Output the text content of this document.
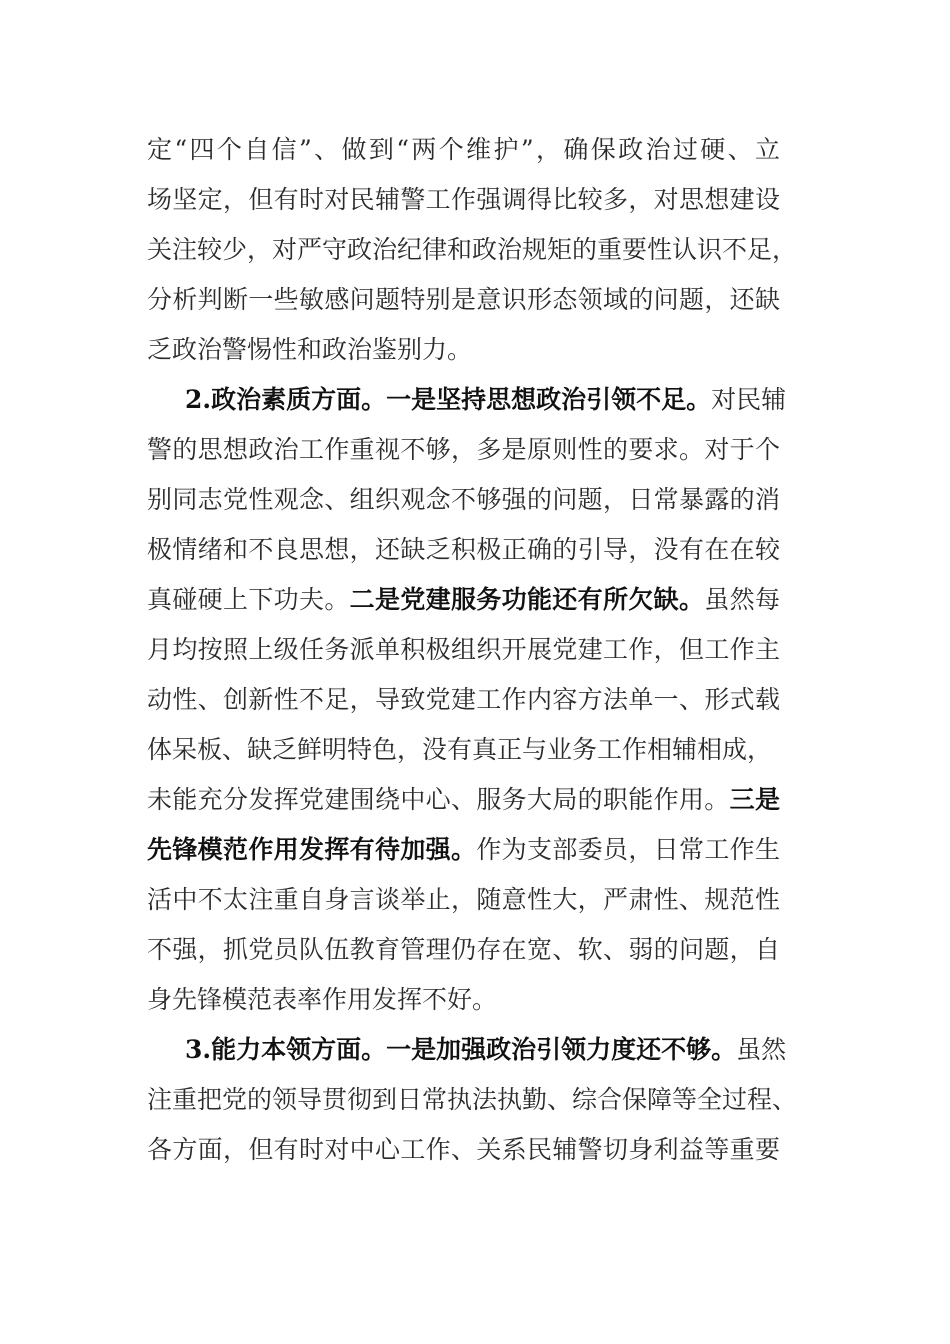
定“四个自信”、做到“两个维护”，确保政治过硬、立
场坚定，但有时对民辅警工作强调得比较多，对思想建设
关注较少，对严守政治纪律和政治规矩的重要性认识不足，
分析判断一些敏感问题特别是意识形态领域的问题，还缺
乏政治警惕性和政治鉴别力。
2.政治素质方面。一是坚持思想政治引领不足。对民辅
警的思想政治工作重视不够，多是原则性的要求。对于个
别同志党性观念、组织观念不够强的问题，日常暴露的消
极情绪和不良思想，还缺乏积极正确的引导，没有在在较
真碰硬上下功夫。二是党建服务功能还有所欠缺。虽然每
月均按照上级任务派单积极组织开展党建工作，但工作主
动性、创新性不足，导致党建工作内容方法单一、形式载
体呆板、缺乏鲜明特色，没有真正与业务工作相辅相成，
未能充分发挥党建围绕中心、服务大局的职能作用。三是
先锋模范作用发挥有待加强。作为支部委员，日常工作生
活中不太注重自身言谈举止，随意性大，严肃性、规范性
不强，抓党员队伍教育管理仍存在宽、软、弱的问题，自
身先锋模范表率作用发挥不好。
3.能力本领方面。一是加强政治引领力度还不够。虽然
注重把党的领导贯彻到日常执法执勤、综合保障等全过程、
各方面，但有时对中心工作、关系民辅警切身利益等重要
